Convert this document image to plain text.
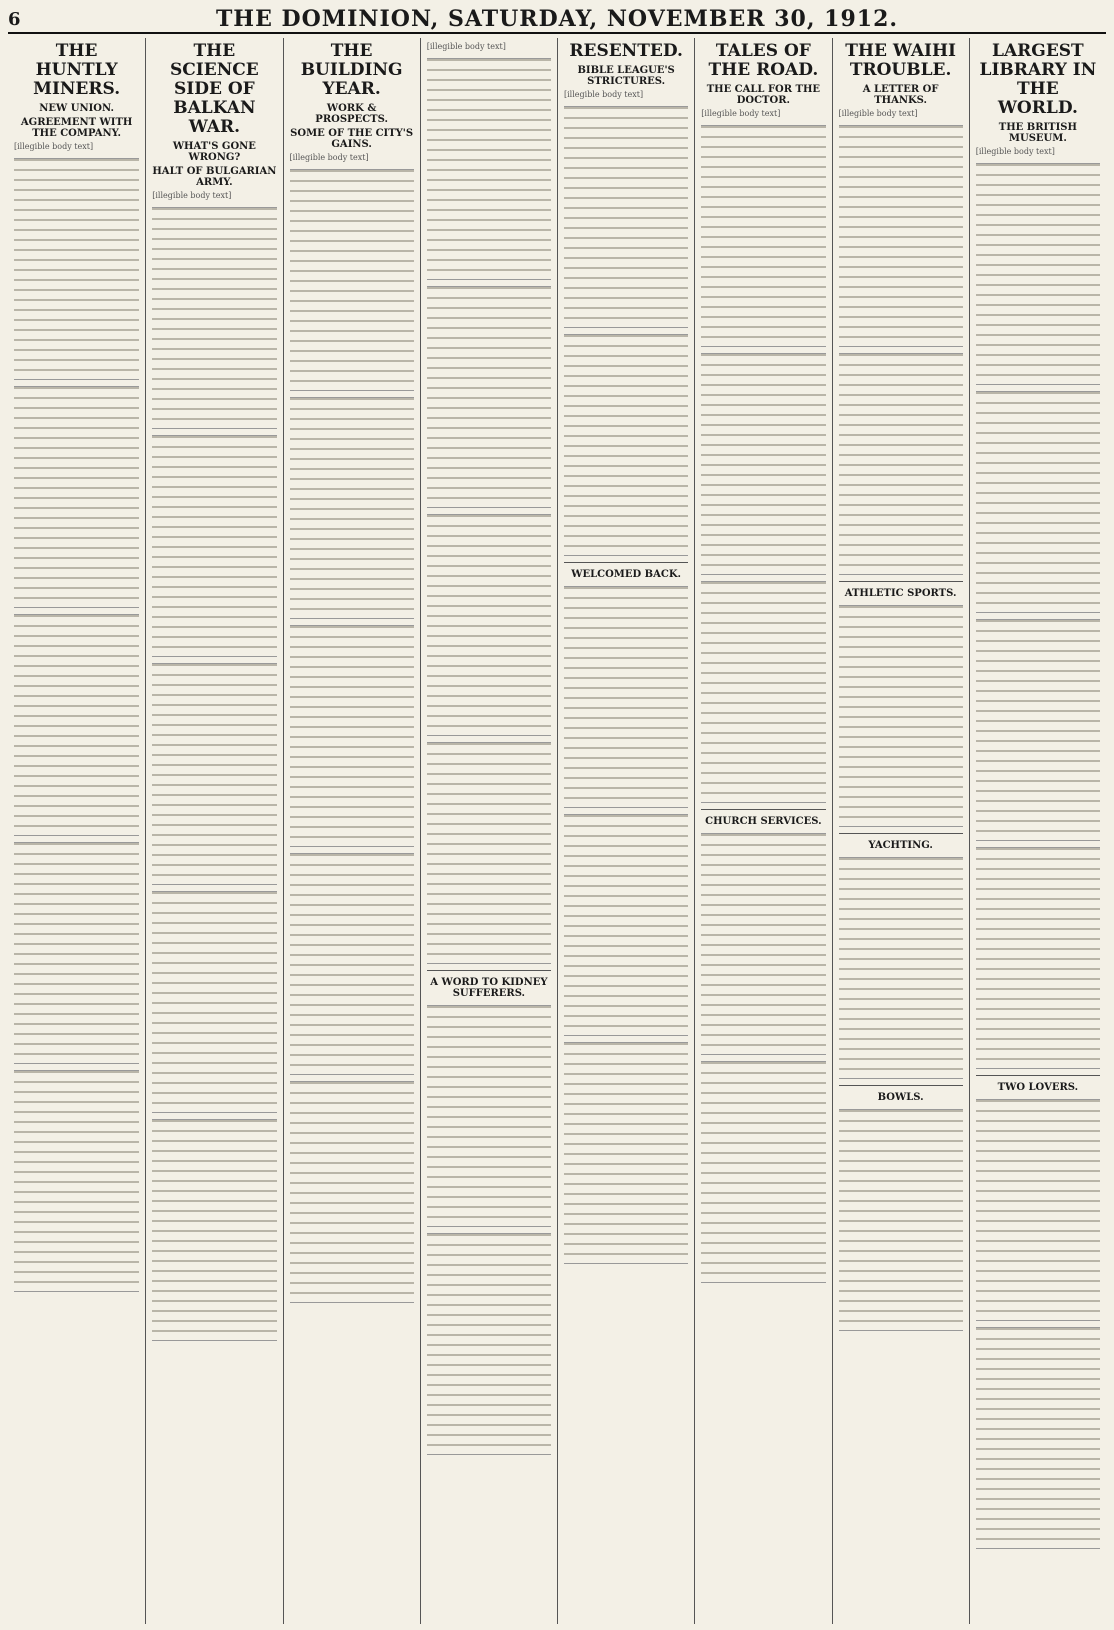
6	THE DOMINION, SATURDAY, NOVEMBER 30, 1912.
THE HUNTLY MINERS.
NEW UNION.
AGREEMENT WITH THE COMPANY.
[illegible body text]
THE SCIENCE SIDE OF BALKAN WAR.
WHAT'S GONE WRONG?
HALT OF BULGARIAN ARMY.
[illegible body text]
THE BUILDING YEAR.
WORK & PROSPECTS.
SOME OF THE CITY'S GAINS.
[illegible body text]
[illegible body text]
A WORD TO KIDNEY SUFFERERS.
RESENTED.
BIBLE LEAGUE'S STRICTURES.
[illegible body text]
WELCOMED BACK.
TALES OF THE ROAD.
THE CALL FOR THE DOCTOR.
[illegible body text]
CHURCH SERVICES.
THE WAIHI TROUBLE.
A LETTER OF THANKS.
[illegible body text]
ATHLETIC SPORTS.
YACHTING.
BOWLS.
LARGEST LIBRARY IN THE WORLD.
THE BRITISH MUSEUM.
[illegible body text]
TWO LOVERS.
